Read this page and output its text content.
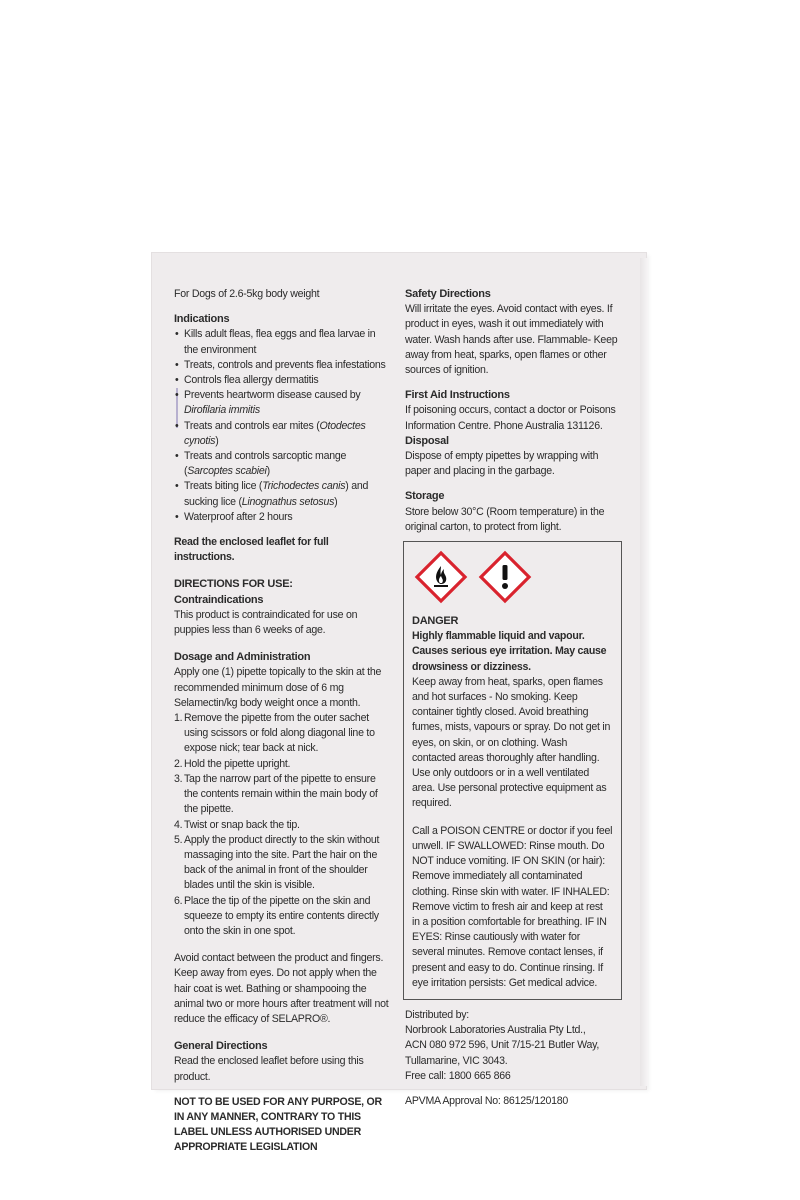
For Dogs of 2.6-5kg body weight
Indications
• Kills adult fleas, flea eggs and flea larvae in the environment
• Treats, controls and prevents flea infestations
• Controls flea allergy dermatitis
• Prevents heartworm disease caused by Dirofilaria immitis
• Treats and controls ear mites (Otodectes cynotis)
• Treats and controls sarcoptic mange (Sarcoptes scabiei)
• Treats biting lice (Trichodectes canis) and sucking lice (Linognathus setosus)
• Waterproof after 2 hours
Read the enclosed leaflet for full instructions.
DIRECTIONS FOR USE:
Contraindications
This product is contraindicated for use on puppies less than 6 weeks of age.
Dosage and Administration
Apply one (1) pipette topically to the skin at the recommended minimum dose of 6 mg Selamectin/kg body weight once a month.
1. Remove the pipette from the outer sachet using scissors or fold along diagonal line to expose nick; tear back at nick.
2. Hold the pipette upright.
3. Tap the narrow part of the pipette to ensure the contents remain within the main body of the pipette.
4. Twist or snap back the tip.
5. Apply the product directly to the skin without massaging into the site. Part the hair on the back of the animal in front of the shoulder blades until the skin is visible.
6. Place the tip of the pipette on the skin and squeeze to empty its entire contents directly onto the skin in one spot.
Avoid contact between the product and fingers. Keep away from eyes. Do not apply when the hair coat is wet. Bathing or shampooing the animal two or more hours after treatment will not reduce the efficacy of SELAPRO®.
General Directions
Read the enclosed leaflet before using this product.
NOT TO BE USED FOR ANY PURPOSE, OR IN ANY MANNER, CONTRARY TO THIS LABEL UNLESS AUTHORISED UNDER APPROPRIATE LEGISLATION
Safety Directions
Will irritate the eyes. Avoid contact with eyes. If product in eyes, wash it out immediately with water. Wash hands after use. Flammable- Keep away from heat, sparks, open flames or other sources of ignition.
First Aid Instructions
If poisoning occurs, contact a doctor or Poisons Information Centre. Phone Australia 131126.
Disposal
Dispose of empty pipettes by wrapping with paper and placing in the garbage.
Storage
Store below 30°C (Room temperature) in the original carton, to protect from light.
DANGER
Highly flammable liquid and vapour. Causes serious eye irritation. May cause drowsiness or dizziness.
Keep away from heat, sparks, open flames and hot surfaces - No smoking. Keep container tightly closed. Avoid breathing fumes, mists, vapours or spray. Do not get in eyes, on skin, or on clothing. Wash contacted areas thoroughly after handling. Use only outdoors or in a well ventilated area. Use personal protective equipment as required.
Call a POISON CENTRE or doctor if you feel unwell. IF SWALLOWED: Rinse mouth. Do NOT induce vomiting. IF ON SKIN (or hair): Remove immediately all contaminated clothing. Rinse skin with water. IF INHALED: Remove victim to fresh air and keep at rest in a position comfortable for breathing. IF IN EYES: Rinse cautiously with water for several minutes. Remove contact lenses, if present and easy to do. Continue rinsing. If eye irritation persists: Get medical advice.
Distributed by:
Norbrook Laboratories Australia Pty Ltd.,
ACN 080 972 596, Unit 7/15-21 Butler Way,
Tullamarine, VIC 3043.
Free call: 1800 665 866
APVMA Approval No: 86125/120180
